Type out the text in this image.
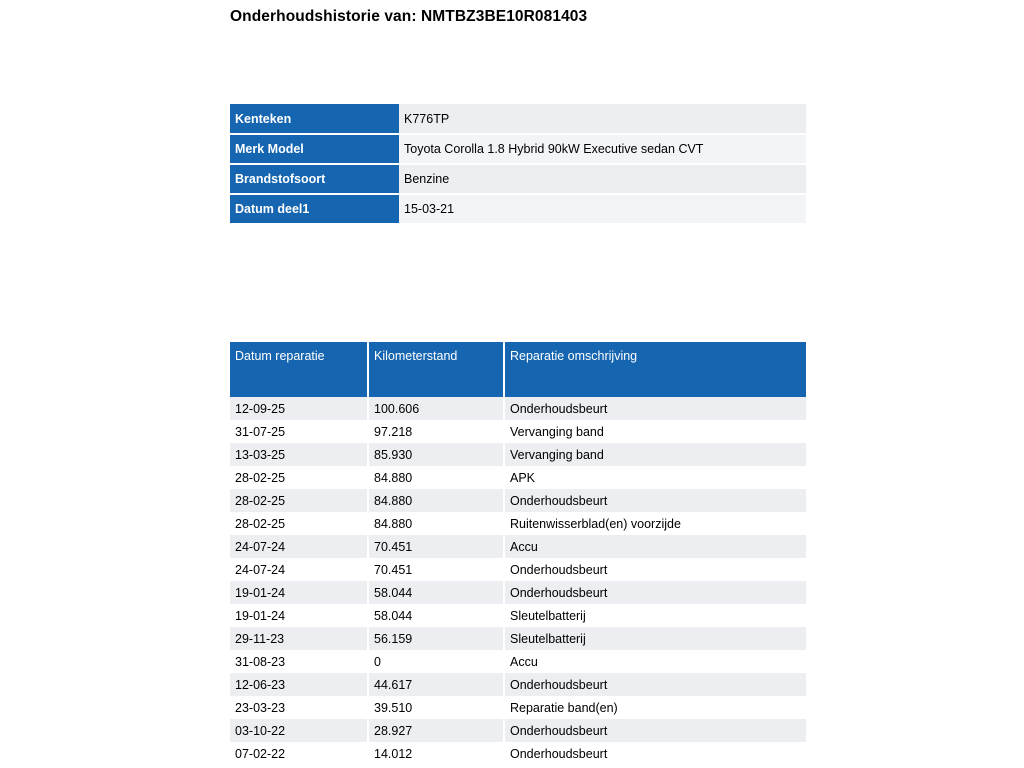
Onderhoudshistorie van: NMTBZ3BE10R081403
Kenteken	K776TP
Merk Model	Toyota Corolla 1.8 Hybrid 90kW Executive sedan CVT
Brandstofsoort	Benzine
Datum deel1	15-03-21
Datum reparatie	Kilometerstand	Reparatie omschrijving
12-09-25	100.606	Onderhoudsbeurt
31-07-25	97.218	Vervanging band
13-03-25	85.930	Vervanging band
28-02-25	84.880	APK
28-02-25	84.880	Onderhoudsbeurt
28-02-25	84.880	Ruitenwisserblad(en) voorzijde
24-07-24	70.451	Accu
24-07-24	70.451	Onderhoudsbeurt
19-01-24	58.044	Onderhoudsbeurt
19-01-24	58.044	Sleutelbatterij
29-11-23	56.159	Sleutelbatterij
31-08-23	0	Accu
12-06-23	44.617	Onderhoudsbeurt
23-03-23	39.510	Reparatie band(en)
03-10-22	28.927	Onderhoudsbeurt
07-02-22	14.012	Onderhoudsbeurt
